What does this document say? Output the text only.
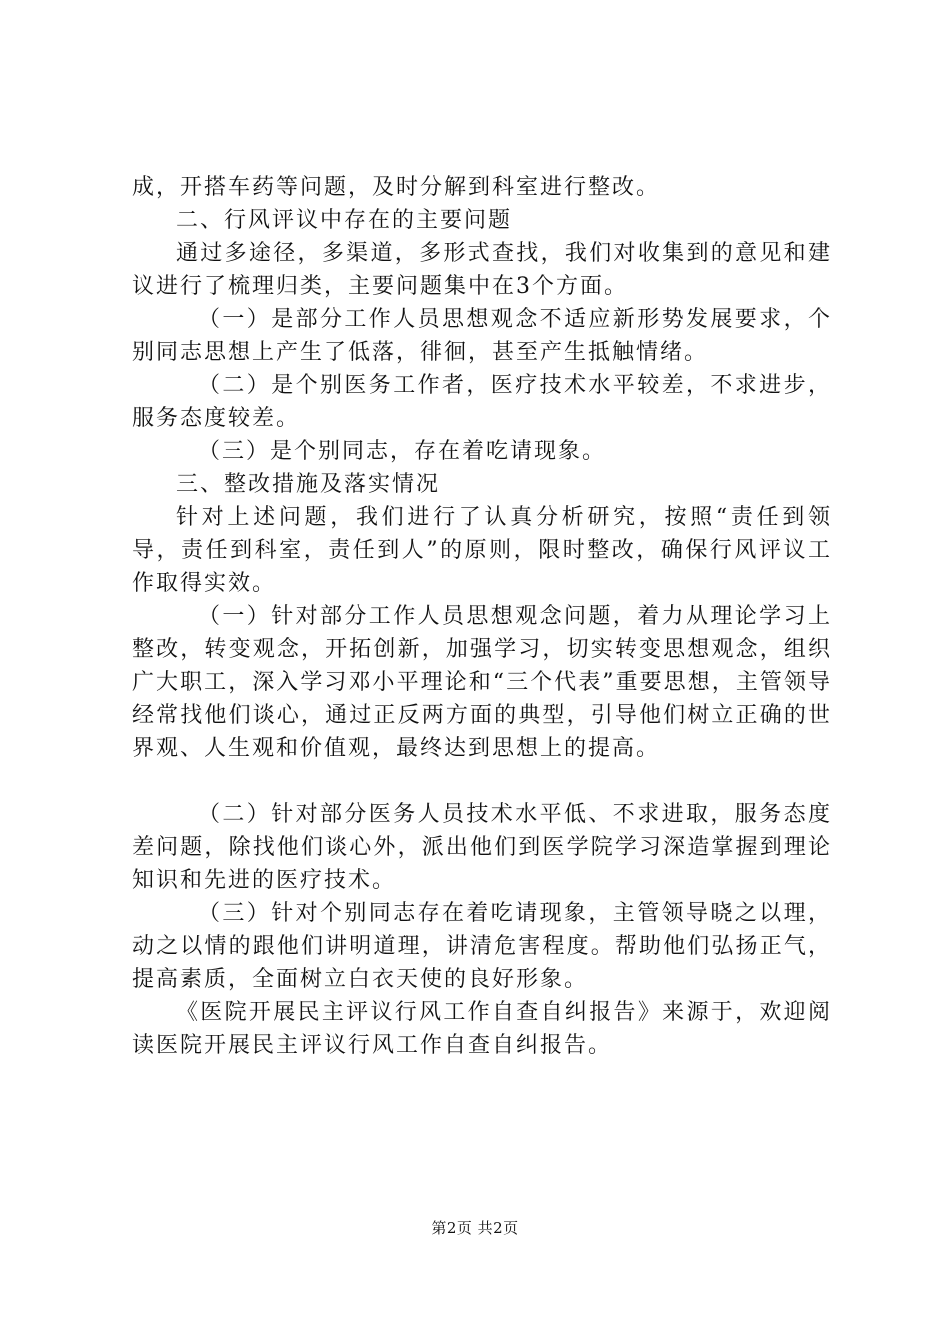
成，开搭车药等问题，及时分解到科室进行整改。

二、行风评议中存在的主要问题

通过多途径，多渠道，多形式查找，我们对收集到的意见和建议进行了梳理归类，主要问题集中在3个方面。

（一）是部分工作人员思想观念不适应新形势发展要求，个别同志思想上产生了低落，徘徊，甚至产生抵触情绪。

（二）是个别医务工作者，医疗技术水平较差，不求进步，服务态度较差。

（三）是个别同志，存在着吃请现象。

三、整改措施及落实情况

针对上述问题，我们进行了认真分析研究，按照“责任到领导，责任到科室，责任到人”的原则，限时整改，确保行风评议工作取得实效。

（一）针对部分工作人员思想观念问题，着力从理论学习上整改，转变观念，开拓创新，加强学习，切实转变思想观念，组织广大职工，深入学习邓小平理论和“三个代表”重要思想，主管领导经常找他们谈心，通过正反两方面的典型，引导他们树立正确的世界观、人生观和价值观，最终达到思想上的提高。

（二）针对部分医务人员技术水平低、不求进取，服务态度差问题，除找他们谈心外，派出他们到医学院学习深造掌握到理论知识和先进的医疗技术。

（三）针对个别同志存在着吃请现象，主管领导晓之以理，动之以情的跟他们讲明道理，讲清危害程度。帮助他们弘扬正气，提高素质，全面树立白衣天使的良好形象。

《医院开展民主评议行风工作自查自纠报告》来源于，欢迎阅读医院开展民主评议行风工作自查自纠报告。

第2页 共2页
